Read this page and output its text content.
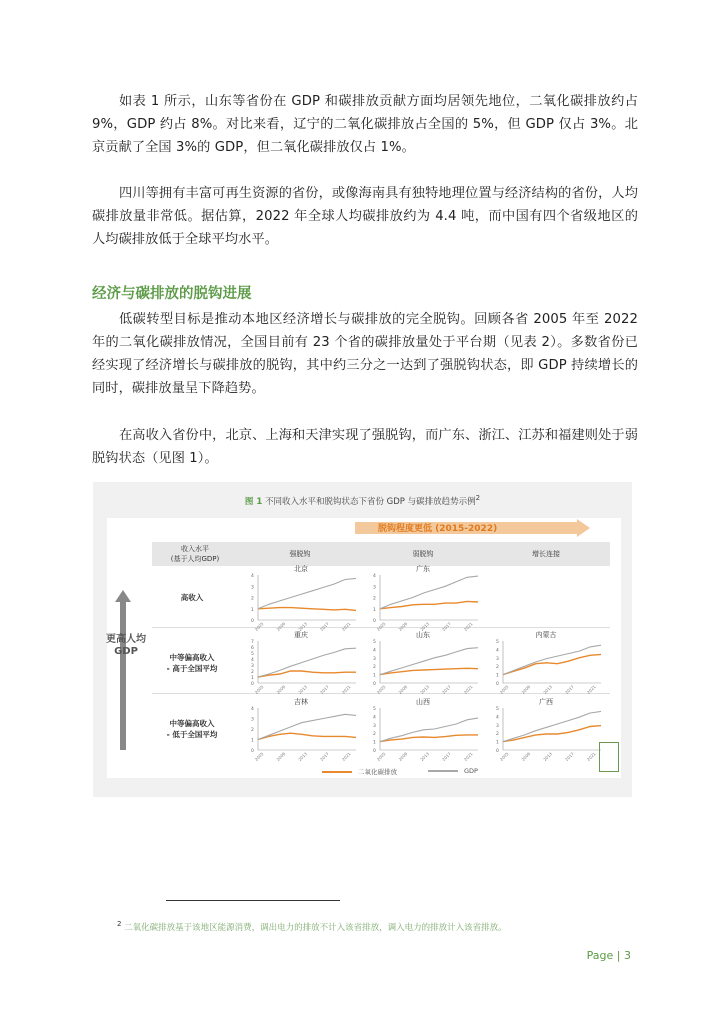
如表 1 所示，山东等省份在 GDP 和碳排放贡献方面均居领先地位，二氧化碳排放约占 9%，GDP 约占 8%。对比来看，辽宁的二氧化碳排放占全国的 5%，但 GDP 仅占 3%。北京贡献了全国 3%的 GDP，但二氧化碳排放仅占 1%。
四川等拥有丰富可再生资源的省份，或像海南具有独特地理位置与经济结构的省份，人均碳排放量非常低。据估算，2022 年全球人均碳排放约为 4.4 吨，而中国有四个省级地区的人均碳排放低于全球平均水平。
经济与碳排放的脱钩进展
低碳转型目标是推动本地区经济增长与碳排放的完全脱钩。回顾各省 2005 年至 2022 年的二氧化碳排放情况，全国目前有 23 个省的碳排放量处于平台期（见表 2）。多数省份已经实现了经济增长与碳排放的脱钩，其中约三分之一达到了强脱钩状态，即 GDP 持续增长的同时，碳排放量呈下降趋势。
在高收入省份中，北京、上海和天津实现了强脱钩，而广东、浙江、江苏和福建则处于弱脱钩状态（见图 1）。
图 1 不同收入水平和脱钩状态下省份 GDP 与碳排放趋势示例$^2$
脱钩程度更低 (2015-2022)
收入水平
(基于人均GDP)
强脱钩	弱脱钩	增长连接
更高人均GDP
高收入
中等偏高收入
- 高于全国平均
中等偏高收入
- 低于全国平均
北京	广东
重庆	山东	内蒙古
吉林	山西	广西
0
1
2
3
4
2005	2009	2013	2017	2021	0
1
2
3
4
2005	2009	2013	2017	2021
0
1
2
3
4
5
6
7
2005	2009	2013	2017	2021	0
1
2
3
4
5
2005	2009	2013	2017	2021	0
1
2
3
4
5
2005	2009	2013	2017	2021
0
1
2
3
4
2005	2009	2013	2017	2021	0
1
2
3
4
5
2005	2009	2013	2017	2021	0
1
2
3
4
5
2005	2009	2013	2017	2021
二氧化碳排放	GDP
$^2$ 二氧化碳排放基于该地区能源消费，调出电力的排放不计入该省排放，调入电力的排放计入该省排放。
Page | 3
